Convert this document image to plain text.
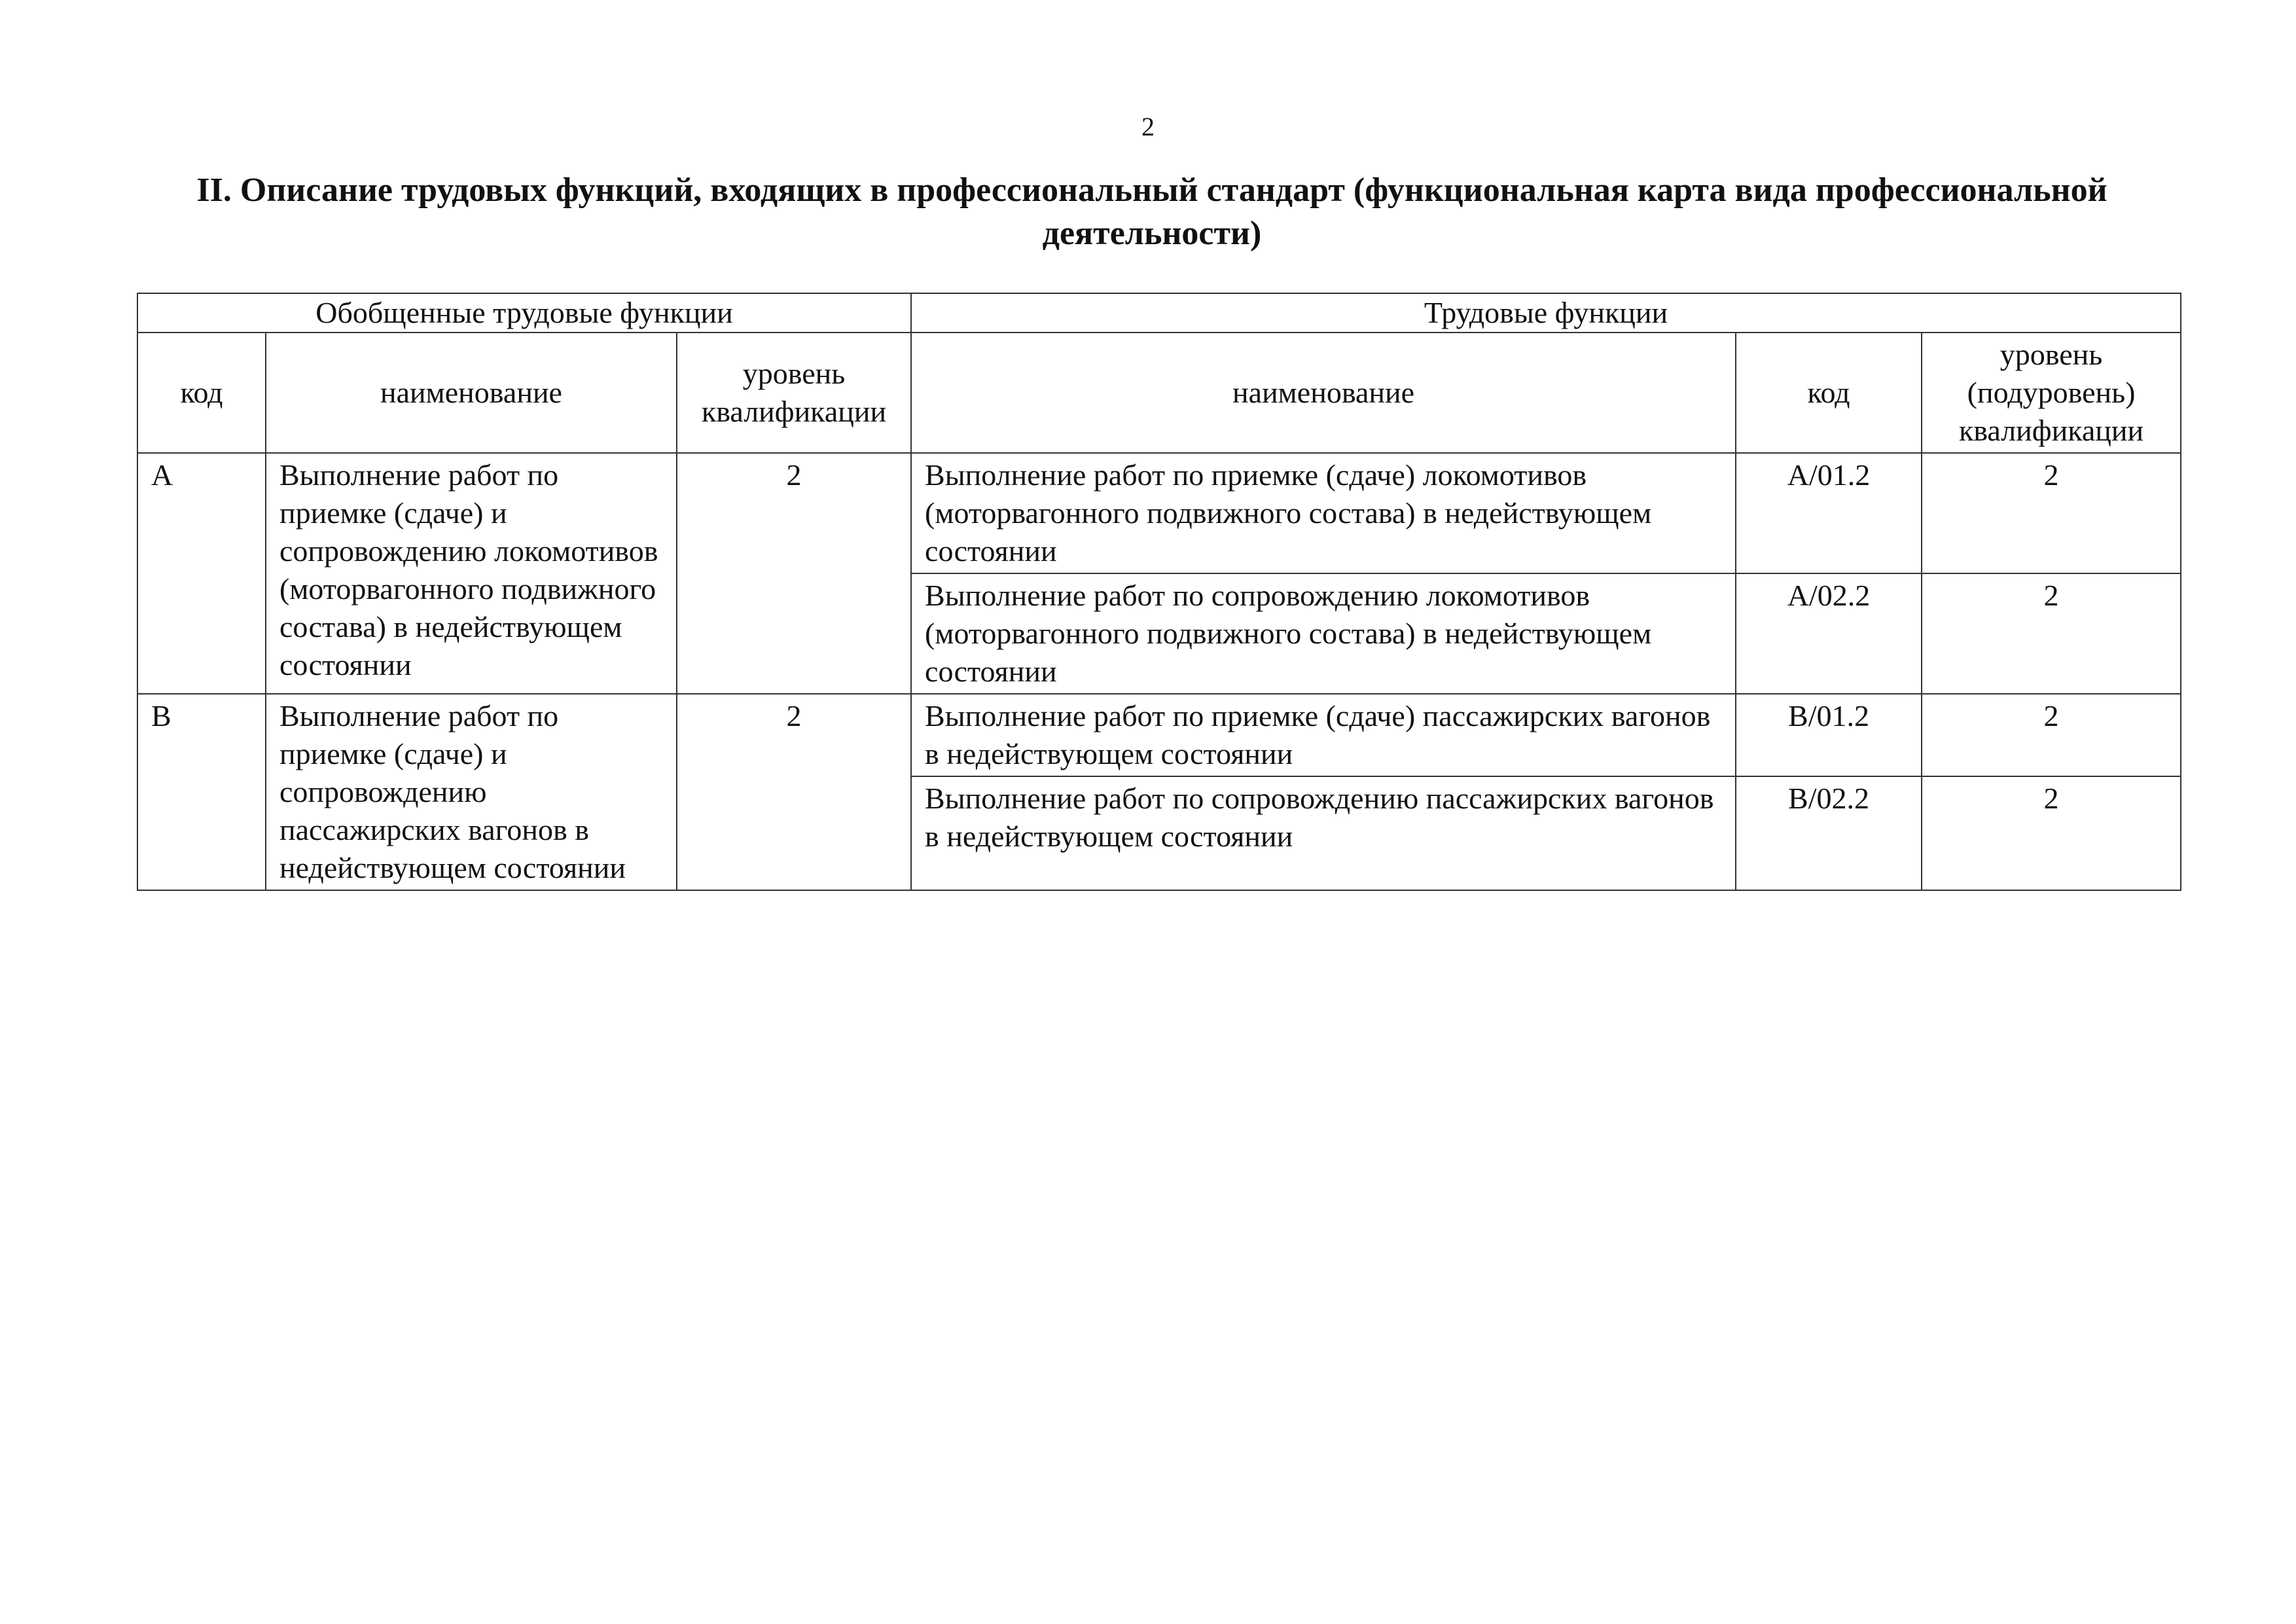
2
II. Описание трудовых функций, входящих в профессиональный стандарт (функциональная карта вида профессиональной деятельности)
Обобщенные трудовые функции			Трудовые функции		
код	наименование	уровень квалификации	наименование	код	уровень (подуровень) квалификации
A	Выполнение работ по приемке (сдаче) и сопровождению локомотивов (моторвагонного подвижного состава) в недействующем состоянии	2	Выполнение работ по приемке (сдаче) локомотивов (моторвагонного подвижного состава) в недействующем состоянии	A/01.2	2
			Выполнение работ по сопровождению локомотивов (моторвагонного подвижного состава) в недействующем состоянии	A/02.2	2

B	Выполнение работ по приемке (сдаче) и сопровождению пассажирских вагонов в недействующем состоянии	2	Выполнение работ по приемке (сдаче) пассажирских вагонов в недействующем состоянии	B/01.2	2
			Выполнение работ по сопровождению пассажирских вагонов в недействующем состоянии	B/02.2	2
